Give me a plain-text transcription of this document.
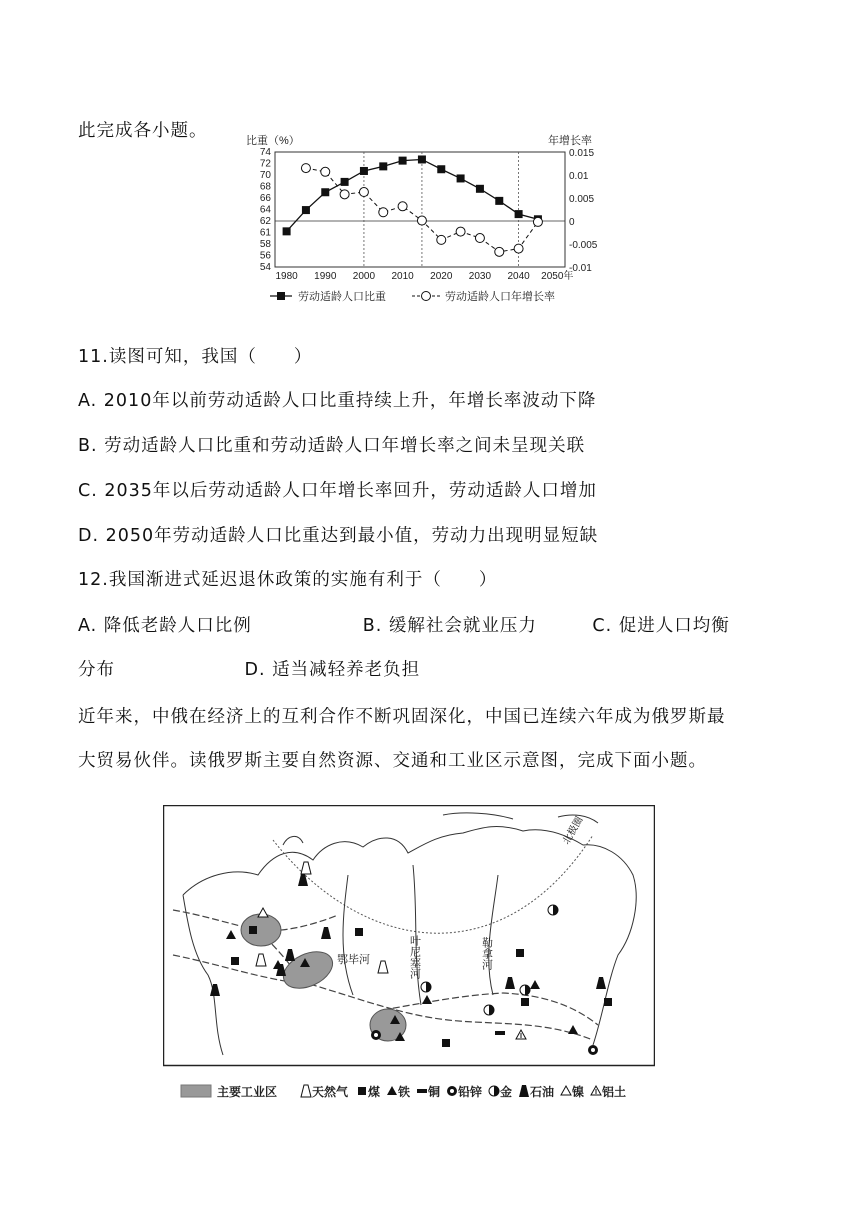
此完成各小题。	比重（%）	年增长率
74
72
70
68
66
64
62
61
58
56
54
0.015
0.01
0.005
0
-0.005
-0.01
1980 1990 2000 2010 2020 2030 2040 2050年
劳动适龄人口比重	劳动适龄人口年增长率
11.读图可知，我国（　　）
A. 2010年以前劳动适龄人口比重持续上升，年增长率波动下降
B. 劳动适龄人口比重和劳动适龄人口年增长率之间未呈现关联
C. 2035年以后劳动适龄人口年增长率回升，劳动适龄人口增加
D. 2050年劳动适龄人口比重达到最小值，劳动力出现明显短缺
12.我国渐进式延迟退休政策的实施有利于（　　）
A. 降低老龄人口比例　　　　　　B. 缓解社会就业压力　　　C. 促进人口均衡
分布　　　　　　　D. 适当减轻养老负担
近年来，中俄在经济上的互利合作不断巩固深化，中国已连续六年成为俄罗斯最
大贸易伙伴。读俄罗斯主要自然资源、交通和工业区示意图，完成下面小题。
北极圈
鄂毕河	叶尼塞河	勒拿河
主要工业区	天然气 煤 铁 铜 铅锌 金 石油 镍 铝土
